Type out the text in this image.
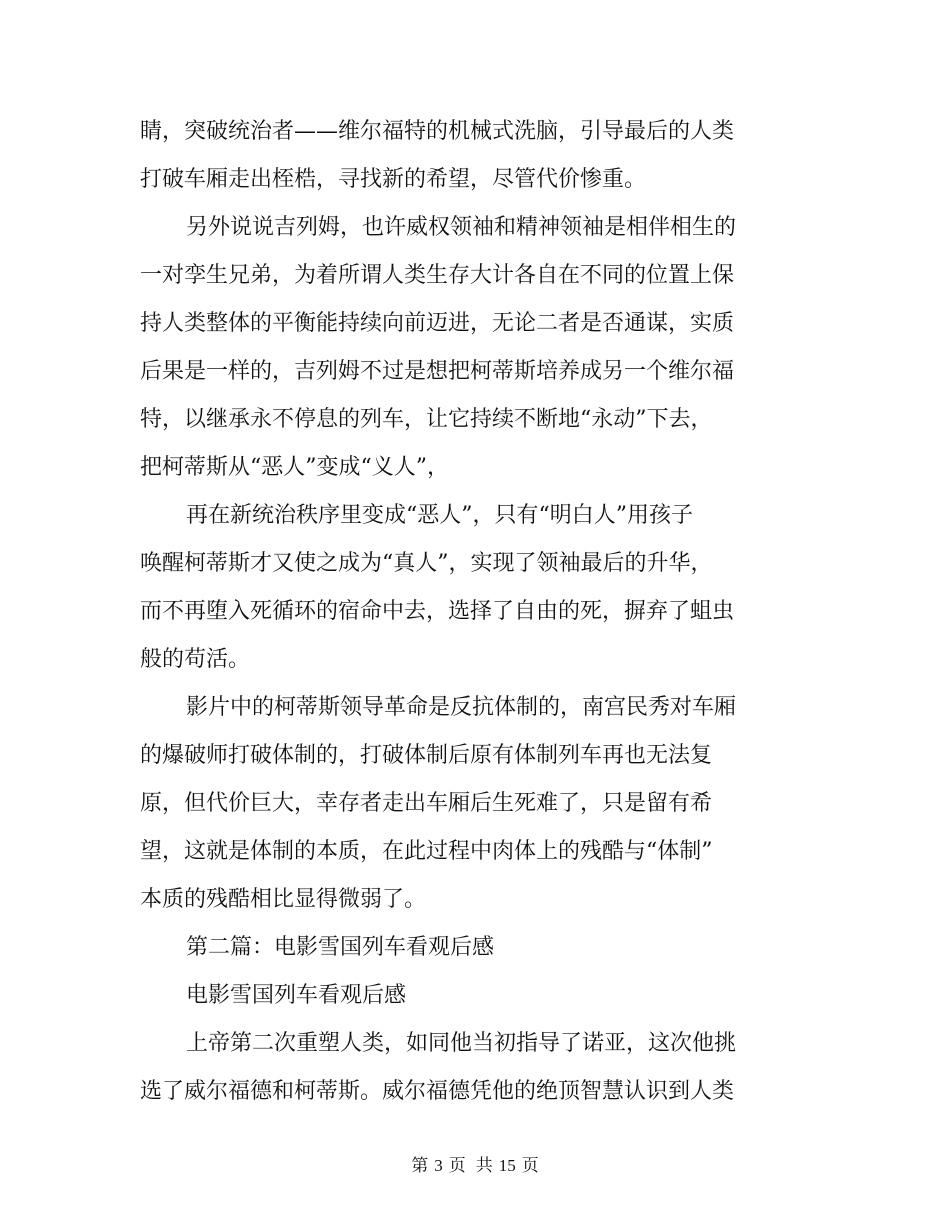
睛，突破统治者——维尔福特的机械式洗脑，引导最后的人类
打破车厢走出桎梏，寻找新的希望，尽管代价惨重。
另外说说吉列姆，也许威权领袖和精神领袖是相伴相生的
一对孪生兄弟，为着所谓人类生存大计各自在不同的位置上保
持人类整体的平衡能持续向前迈进，无论二者是否通谋，实质
后果是一样的，吉列姆不过是想把柯蒂斯培养成另一个维尔福
特，以继承永不停息的列车，让它持续不断地“永动”下去，
把柯蒂斯从“恶人”变成“义人”，
再在新统治秩序里变成“恶人”，只有“明白人”用孩子
唤醒柯蒂斯才又使之成为“真人”，实现了领袖最后的升华，
而不再堕入死循环的宿命中去，选择了自由的死，摒弃了蛆虫
般的苟活。
影片中的柯蒂斯领导革命是反抗体制的，南宫民秀对车厢
的爆破师打破体制的，打破体制后原有体制列车再也无法复
原，但代价巨大，幸存者走出车厢后生死难了，只是留有希
望，这就是体制的本质，在此过程中肉体上的残酷与“体制”
本质的残酷相比显得微弱了。
第二篇：电影雪国列车看观后感
电影雪国列车看观后感
上帝第二次重塑人类，如同他当初指导了诺亚，这次他挑
选了威尔福德和柯蒂斯。威尔福德凭他的绝顶智慧认识到人类
第 3 页 共 15 页
